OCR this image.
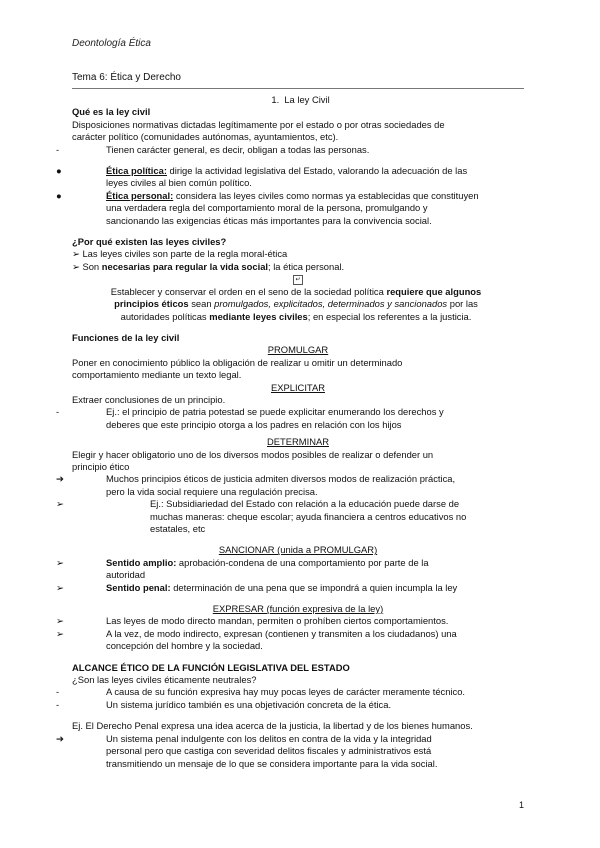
Deontología Ética
Tema 6: Ética y Derecho

1. La ley Civil

Qué es la ley civil

Disposiciones normativas dictadas legítimamente por el estado o por otras sociedades de

carácter político (comunidades autónomas, ayuntamientos, etc).

-	Tienen carácter general, es decir, obligan a todas las personas.

●	Ética política: dirige la actividad legislativa del Estado, valorando la adecuación de las

leyes civiles al bien común político.

●	Ética personal: considera las leyes civiles como normas ya establecidas que constituyen

una verdadera regla del comportamiento moral de la persona, promulgando y

sancionando las exigencias éticas más importantes para la convivencia social.

¿Por qué existen las leyes civiles?

➢ Las leyes civiles son parte de la regla moral-ética

➢ Son necesarias para regular la vida social; la ética personal.

↵

Establecer y conservar el orden en el seno de la sociedad política requiere que algunos

principios éticos sean promulgados, explicitados, determinados y sancionados por las

autoridades políticas mediante leyes civiles; en especial los referentes a la justicia.

Funciones de la ley civil

PROMULGAR

Poner en conocimiento público la obligación de realizar u omitir un determinado

comportamiento mediante un texto legal.

EXPLICITAR

Extraer conclusiones de un principio.

-	Ej.: el principio de patria potestad se puede explicitar enumerando los derechos y

deberes que este principio otorga a los padres en relación con los hijos

DETERMINAR

Elegir y hacer obligatorio uno de los diversos modos posibles de realizar o defender un

principio ético

➔	Muchos principios éticos de justicia admiten diversos modos de realización práctica,

pero la vida social requiere una regulación precisa.

➢	Ej.: Subsidiariedad del Estado con relación a la educación puede darse de

muchas maneras: cheque escolar; ayuda financiera a centros educativos no

estatales, etc

SANCIONAR (unida a PROMULGAR)

➢	Sentido amplio: aprobación-condena de una comportamiento por parte de la

autoridad

➢	Sentido penal: determinación de una pena que se impondrá a quien incumpla la ley

EXPRESAR (función expresiva de la ley)

➢	Las leyes de modo directo mandan, permiten o prohíben ciertos comportamientos.

➢	A la vez, de modo indirecto, expresan (contienen y transmiten a los ciudadanos) una

concepción del hombre y la sociedad.

ALCANCE ÉTICO DE LA FUNCIÓN LEGISLATIVA DEL ESTADO

¿Son las leyes civiles éticamente neutrales?

-	A causa de su función expresiva hay muy pocas leyes de carácter meramente técnico.

-	Un sistema jurídico también es una objetivación concreta de la ética.

Ej. El Derecho Penal expresa una idea acerca de la justicia, la libertad y de los bienes humanos.

➔	Un sistema penal indulgente con los delitos en contra de la vida y la integridad

personal pero que castiga con severidad delitos fiscales y administrativos está

transmitiendo un mensaje de lo que se considera importante para la vida social.

1
